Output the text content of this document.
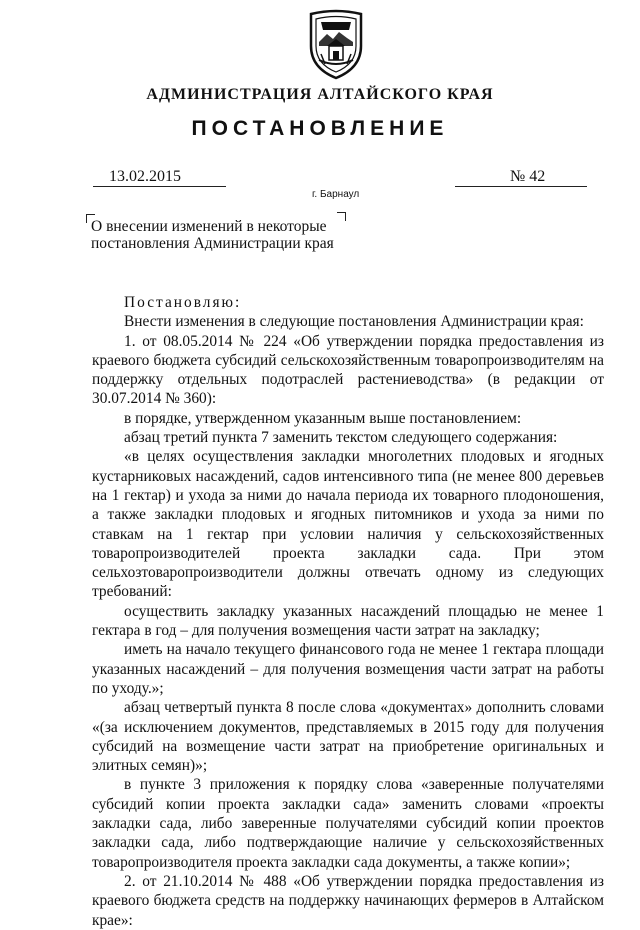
АДМИНИСТРАЦИЯ АЛТАЙСКОГО КРАЯ
ПОСТАНОВЛЕНИЕ
13.02.2015	№ 42
г. Барнаул
О внесении изменений в некоторые постановления Администрации края

Постановляю:

Внести изменения в следующие постановления Администрации края:

1. от 08.05.2014 № 224 «Об утверждении порядка предоставления из краевого бюджета субсидий сельскохозяйственным товаропроизводителям на поддержку отдельных подотраслей растениеводства» (в редакции от 30.07.2014 № 360):

в порядке, утвержденном указанным выше постановлением:

абзац третий пункта 7 заменить текстом следующего содержания:

«в целях осуществления закладки многолетних плодовых и ягодных кустарниковых насаждений, садов интенсивного типа (не менее 800 деревьев на 1 гектар) и ухода за ними до начала периода их товарного плодоношения, а также закладки плодовых и ягодных питомников и ухода за ними по ставкам на 1 гектар при условии наличия у сельскохозяйственных товаропроизводителей проекта закладки сада. При этом сельхозтоваропроизводители должны отвечать одному из следующих требований:

осуществить закладку указанных насаждений площадью не менее 1 гектара в год – для получения возмещения части затрат на закладку;

иметь на начало текущего финансового года не менее 1 гектара площади указанных насаждений – для получения возмещения части затрат на работы по уходу.»;

абзац четвертый пункта 8 после слова «документах» дополнить словами «(за исключением документов, представляемых в 2015 году для получения субсидий на возмещение части затрат на приобретение оригинальных и элитных семян)»;

в пункте 3 приложения к порядку слова «заверенные получателями субсидий копии проекта закладки сада» заменить словами «проекты закладки сада, либо заверенные получателями субсидий копии проектов закладки сада, либо подтверждающие наличие у сельскохозяйственных товаропроизводителя проекта закладки сада документы, а также копии»;

2. от 21.10.2014 № 488 «Об утверждении порядка предоставления из краевого бюджета средств на поддержку начинающих фермеров в Алтайском крае»:
